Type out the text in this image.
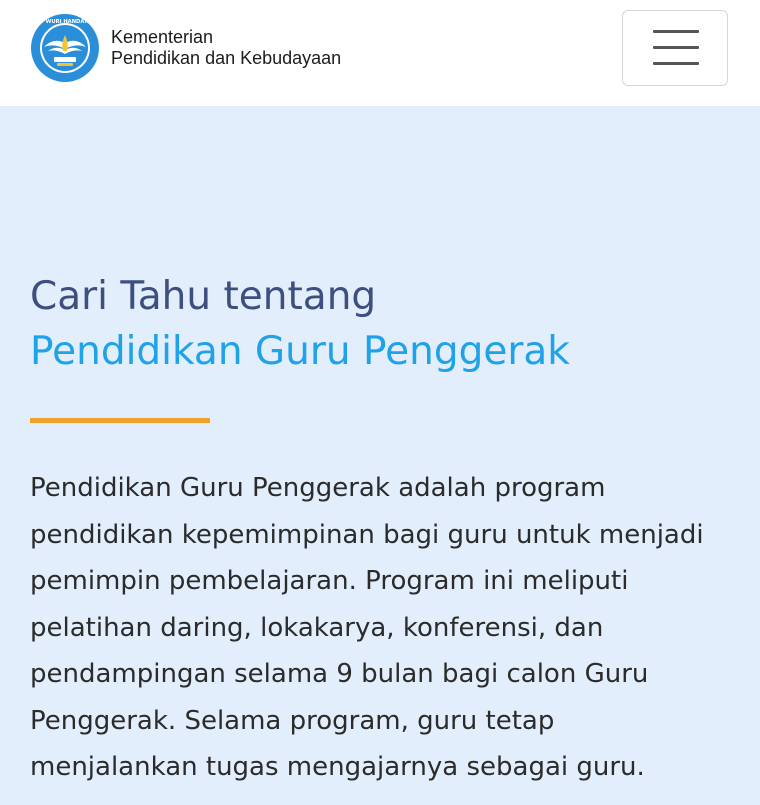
TUT WURI HANDAYANI
Kementerian
Pendidikan dan Kebudayaan
Cari Tahu tentang
Pendidikan Guru Penggerak
Pendidikan Guru Penggerak adalah program
pendidikan kepemimpinan bagi guru untuk menjadi
pemimpin pembelajaran. Program ini meliputi
pelatihan daring, lokakarya, konferensi, dan
pendampingan selama 9 bulan bagi calon Guru
Penggerak. Selama program, guru tetap
menjalankan tugas mengajarnya sebagai guru.
